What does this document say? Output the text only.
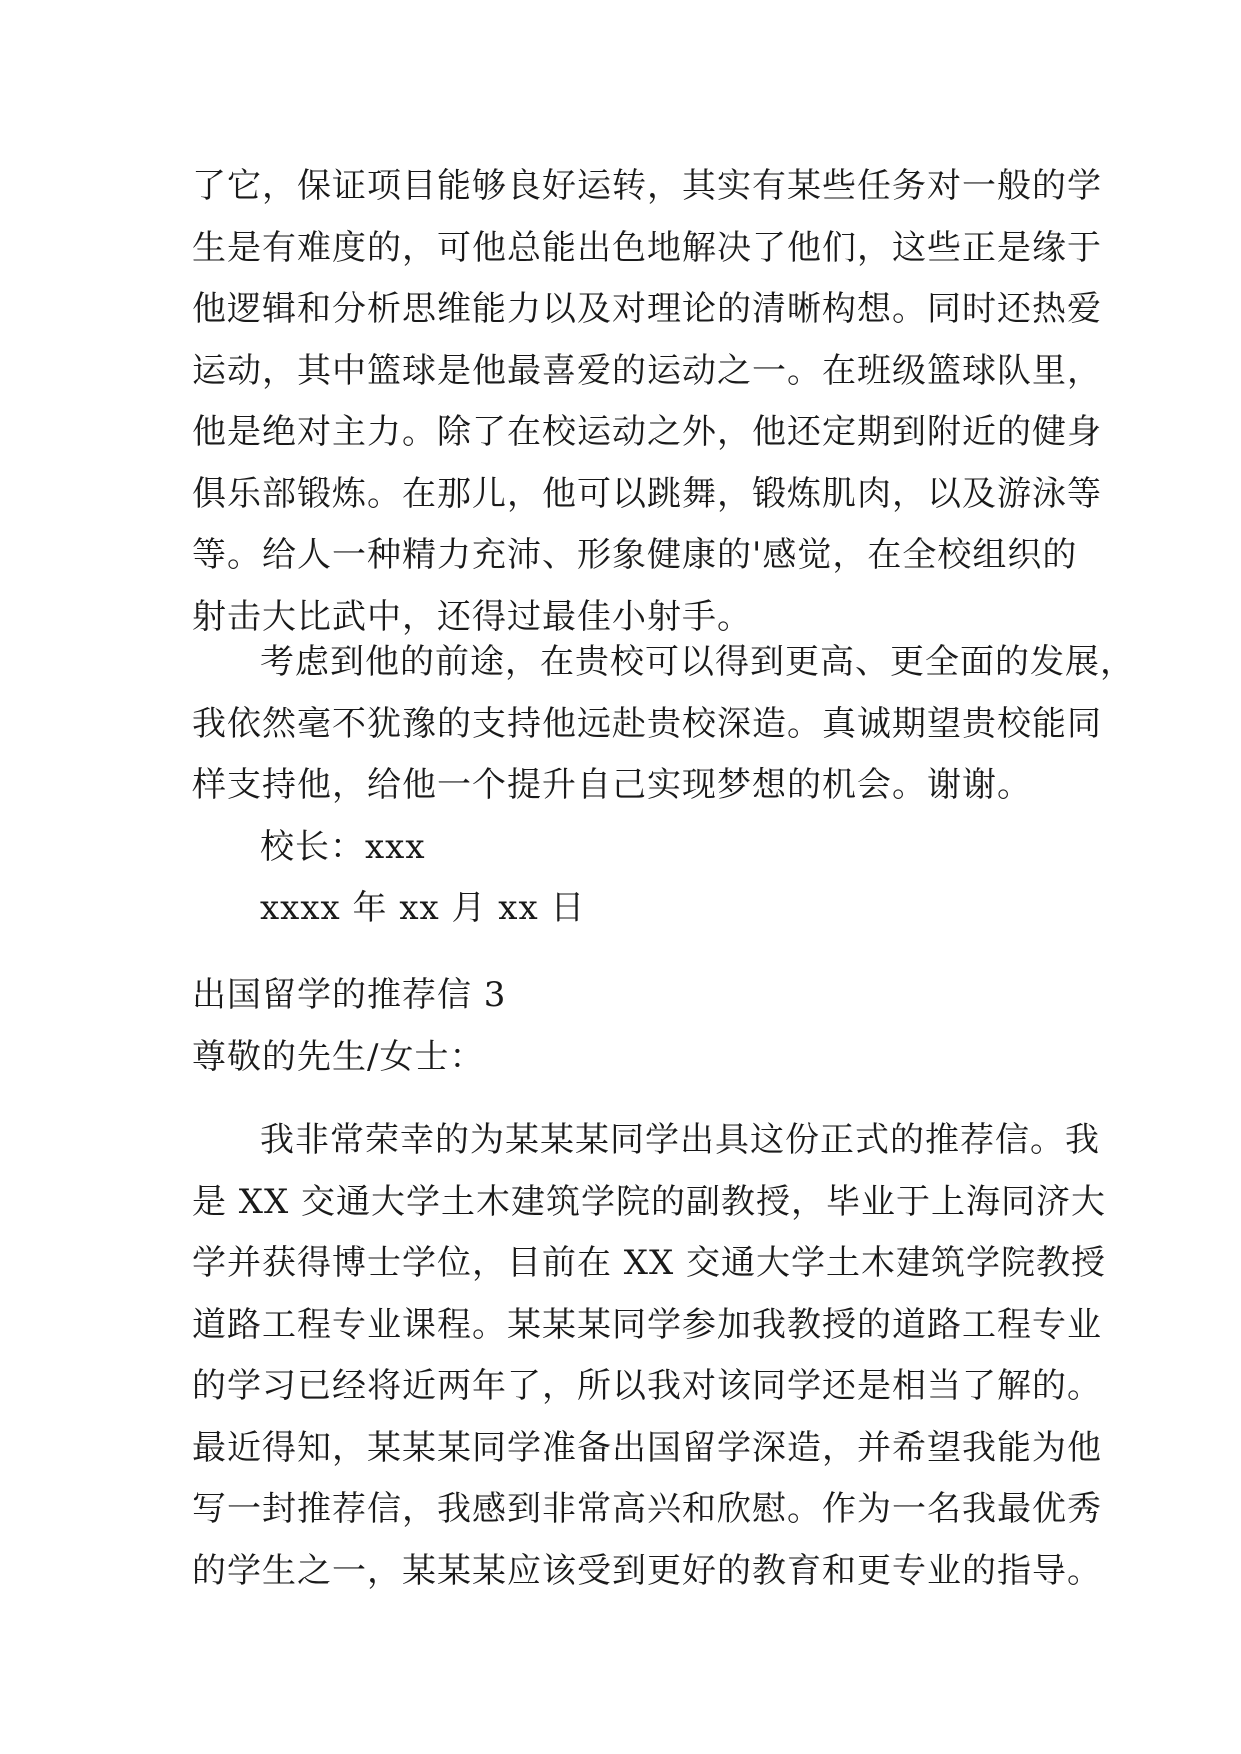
了它，保证项目能够良好运转，其实有某些任务对一般的学
生是有难度的，可他总能出色地解决了他们，这些正是缘于
他逻辑和分析思维能力以及对理论的清晰构想。同时还热爱
运动，其中篮球是他最喜爱的运动之一。在班级篮球队里，
他是绝对主力。除了在校运动之外，他还定期到附近的健身
俱乐部锻炼。在那儿，他可以跳舞，锻炼肌肉，以及游泳等
等。给人一种精力充沛、形象健康的'感觉，在全校组织的
射击大比武中，还得过最佳小射手。
考虑到他的前途，在贵校可以得到更高、更全面的发展，
我依然毫不犹豫的支持他远赴贵校深造。真诚期望贵校能同
样支持他，给他一个提升自己实现梦想的机会。谢谢。
校长：xxx
xxxx 年 xx 月 xx 日
出国留学的推荐信 3
尊敬的先生/女士：
我非常荣幸的为某某某同学出具这份正式的推荐信。我
是 XX 交通大学土木建筑学院的副教授，毕业于上海同济大
学并获得博士学位，目前在 XX 交通大学土木建筑学院教授
道路工程专业课程。某某某同学参加我教授的道路工程专业
的学习已经将近两年了，所以我对该同学还是相当了解的。
最近得知，某某某同学准备出国留学深造，并希望我能为他
写一封推荐信，我感到非常高兴和欣慰。作为一名我最优秀
的学生之一，某某某应该受到更好的教育和更专业的指导。
